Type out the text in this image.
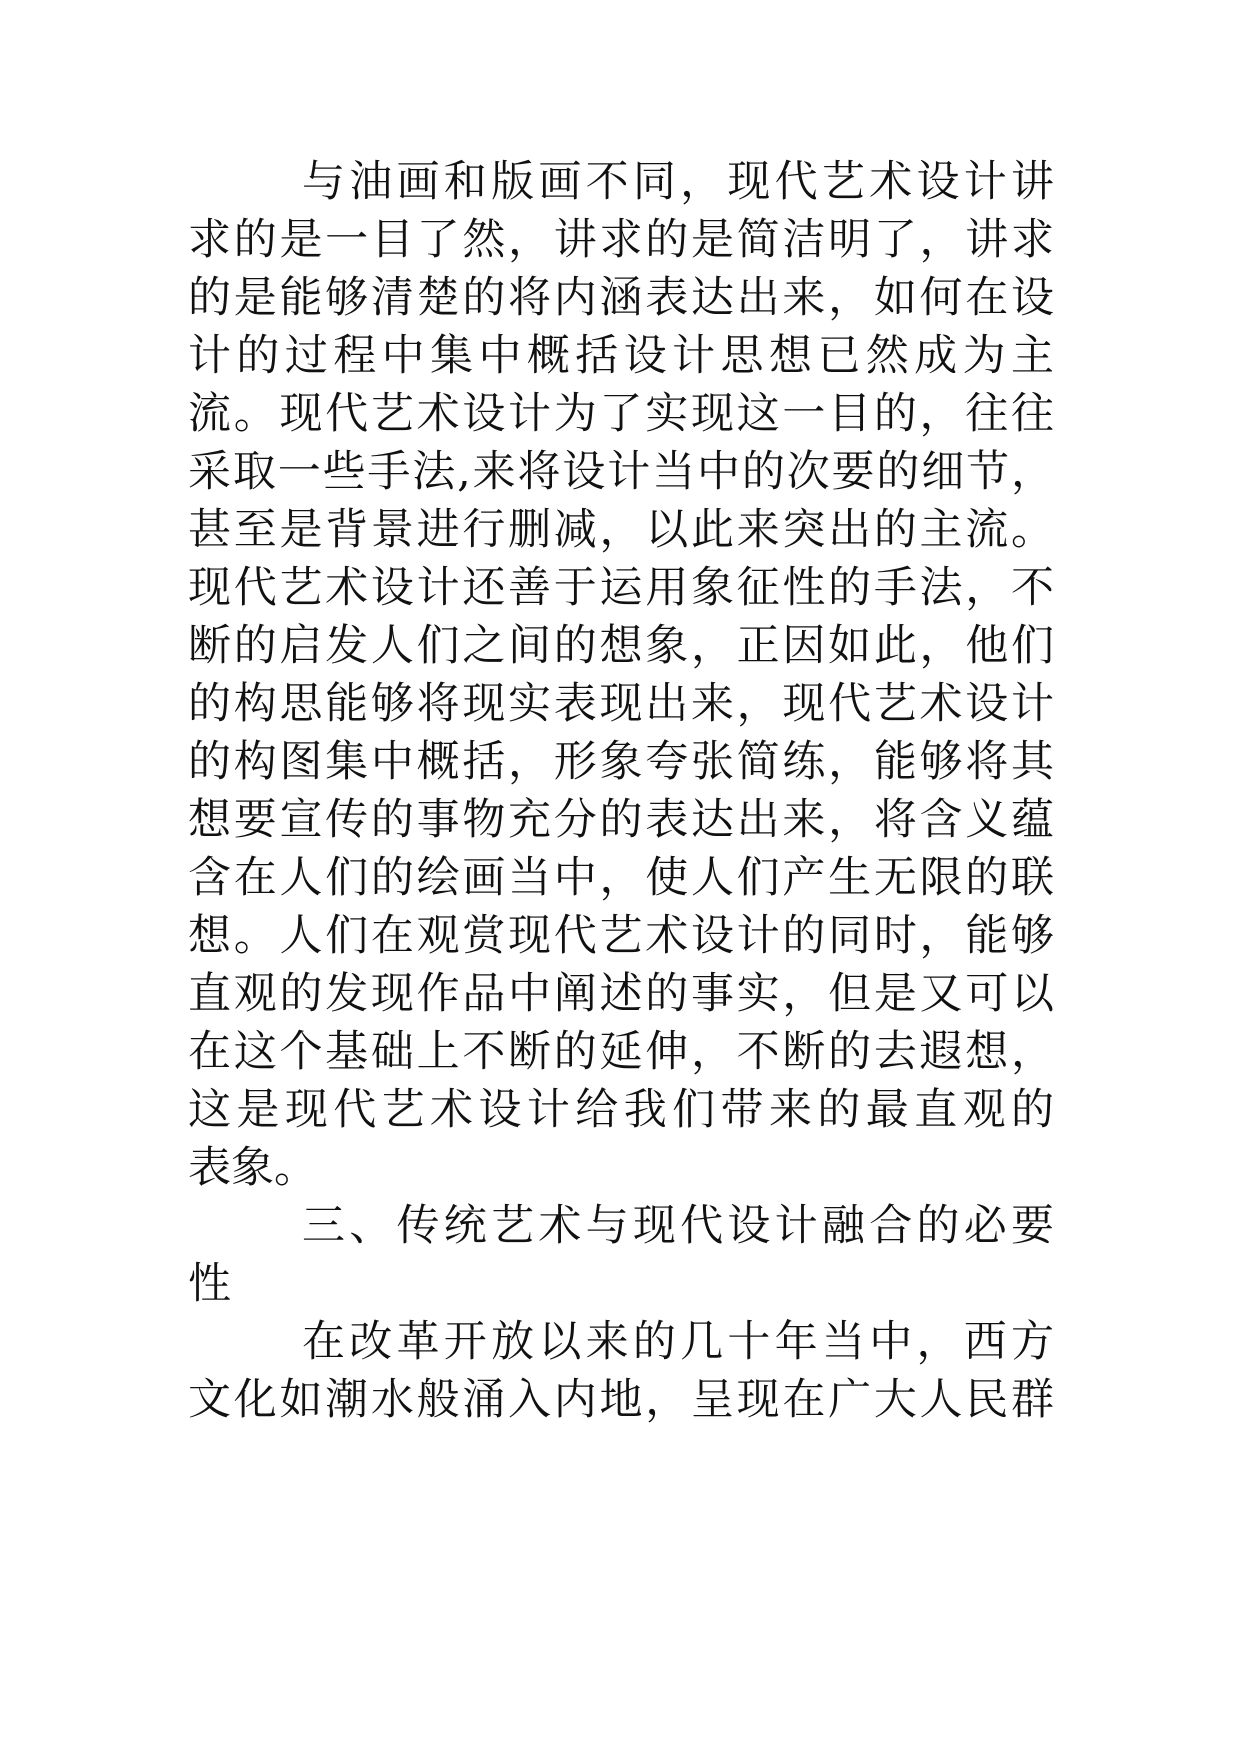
与油画和版画不同，现代艺术设计讲
求的是一目了然，讲求的是简洁明了，讲求
的是能够清楚的将内涵表达出来，如何在设
计的过程中集中概括设计思想已然成为主
流。现代艺术设计为了实现这一目的，往往
采取一些手法,来将设计当中的次要的细节，
甚至是背景进行删减，以此来突出的主流。
现代艺术设计还善于运用象征性的手法，不
断的启发人们之间的想象，正因如此，他们
的构思能够将现实表现出来，现代艺术设计
的构图集中概括，形象夸张简练，能够将其
想要宣传的事物充分的表达出来，将含义蕴
含在人们的绘画当中，使人们产生无限的联
想。人们在观赏现代艺术设计的同时，能够
直观的发现作品中阐述的事实，但是又可以
在这个基础上不断的延伸，不断的去遐想，
这是现代艺术设计给我们带来的最直观的
表象。
三、传统艺术与现代设计融合的必要
性
在改革开放以来的几十年当中，西方
文化如潮水般涌入内地，呈现在广大人民群
